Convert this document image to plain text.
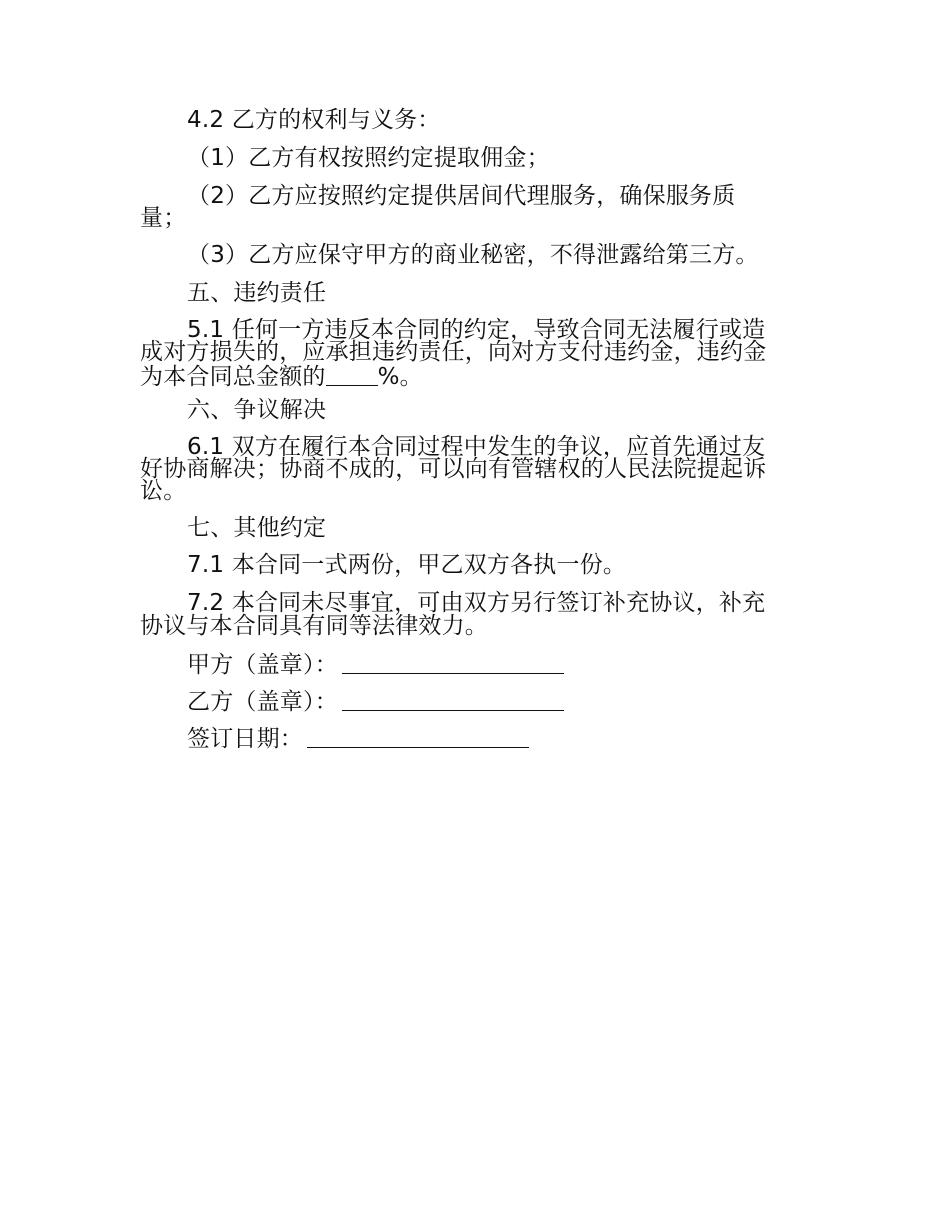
4.2 乙方的权利与义务：
（1）乙方有权按照约定提取佣金；
（2）乙方应按照约定提供居间代理服务，确保服务质
量；
（3）乙方应保守甲方的商业秘密，不得泄露给第三方。
五、违约责任
5.1 任何一方违反本合同的约定，导致合同无法履行或造
成对方损失的，应承担违约责任，向对方支付违约金，违约金
为本合同总金额的 %。
六、争议解决
6.1 双方在履行本合同过程中发生的争议，应首先通过友
好协商解决；协商不成的，可以向有管辖权的人民法院提起诉
讼。
七、其他约定
7.1 本合同一式两份，甲乙双方各执一份。
7.2 本合同未尽事宜，可由双方另行签订补充协议，补充
协议与本合同具有同等法律效力。
甲方（盖章）：
乙方（盖章）：
签订日期：
